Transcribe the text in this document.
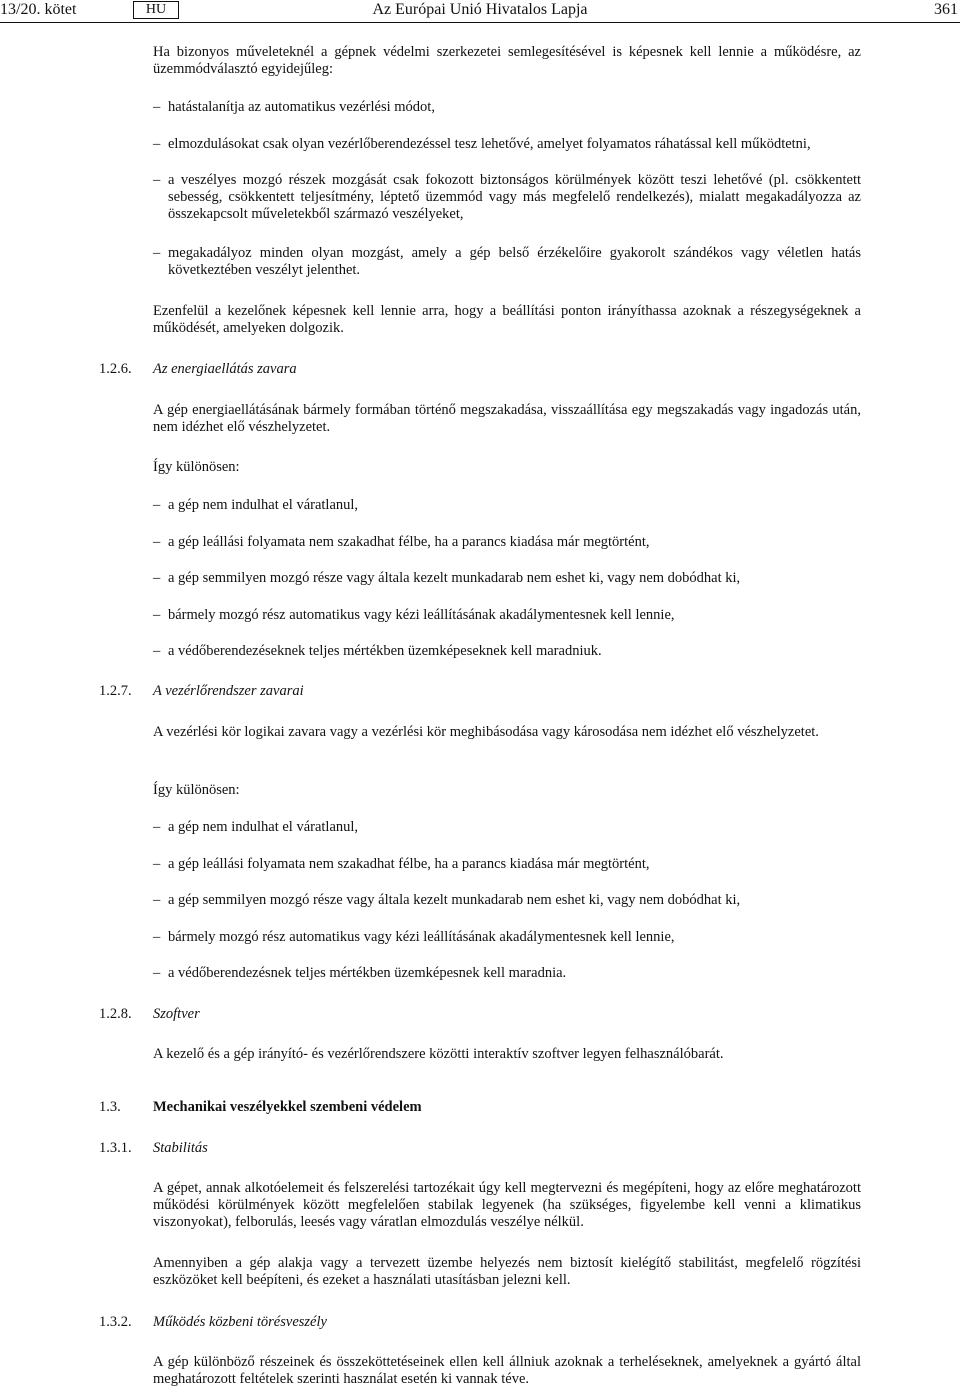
13/20. kötet	HU	Az Európai Unió Hivatalos Lapja	361

Ha bizonyos műveleteknél a gépnek védelmi szerkezetei semlegesítésével is képesnek kell lennie a működésre, az üzemmódválasztó egyidejűleg:

– hatástalanítja az automatikus vezérlési módot,

– elmozdulásokat csak olyan vezérlőberendezéssel tesz lehetővé, amelyet folyamatos ráhatással kell működtetni,

– a veszélyes mozgó részek mozgását csak fokozott biztonságos körülmények között teszi lehetővé (pl. csökkentett sebesség, csökkentett teljesítmény, léptető üzemmód vagy más megfelelő rendelkezés), mialatt megakadályozza az összekapcsolt műveletekből származó veszélyeket,

– megakadályoz minden olyan mozgást, amely a gép belső érzékelőire gyakorolt szándékos vagy véletlen hatás következtében veszélyt jelenthet.

Ezenfelül a kezelőnek képesnek kell lennie arra, hogy a beállítási ponton irányíthassa azoknak a részegységeknek a működését, amelyeken dolgozik.

1.2.6.	Az energiaellátás zavara

A gép energiaellátásának bármely formában történő megszakadása, visszaállítása egy megszakadás vagy ingadozás után, nem idézhet elő vészhelyzetet.

Így különösen:

– a gép nem indulhat el váratlanul,

– a gép leállási folyamata nem szakadhat félbe, ha a parancs kiadása már megtörtént,

– a gép semmilyen mozgó része vagy általa kezelt munkadarab nem eshet ki, vagy nem dobódhat ki,

– bármely mozgó rész automatikus vagy kézi leállításának akadálymentesnek kell lennie,

– a védőberendezéseknek teljes mértékben üzemképeseknek kell maradniuk.

1.2.7.	A vezérlőrendszer zavarai

A vezérlési kör logikai zavara vagy a vezérlési kör meghibásodása vagy károsodása nem idézhet elő vészhelyzetet.

Így különösen:

– a gép nem indulhat el váratlanul,

– a gép leállási folyamata nem szakadhat félbe, ha a parancs kiadása már megtörtént,

– a gép semmilyen mozgó része vagy általa kezelt munkadarab nem eshet ki, vagy nem dobódhat ki,

– bármely mozgó rész automatikus vagy kézi leállításának akadálymentesnek kell lennie,

– a védőberendezésnek teljes mértékben üzemképesnek kell maradnia.

1.2.8.	Szoftver

A kezelő és a gép irányító- és vezérlőrendszere közötti interaktív szoftver legyen felhasználóbarát.

1.3.	Mechanikai veszélyekkel szembeni védelem

1.3.1.	Stabilitás

A gépet, annak alkotóelemeit és felszerelési tartozékait úgy kell megtervezni és megépíteni, hogy az előre meghatározott működési körülmények között megfelelően stabilak legyenek (ha szükséges, figyelembe kell venni a klimatikus viszonyokat), felborulás, leesés vagy váratlan elmozdulás veszélye nélkül.

Amennyiben a gép alakja vagy a tervezett üzembe helyezés nem biztosít kielégítő stabilitást, megfelelő rögzítési eszközöket kell beépíteni, és ezeket a használati utasításban jelezni kell.

1.3.2.	Működés közbeni törésveszély

A gép különböző részeinek és összeköttetéseinek ellen kell állniuk azoknak a terheléseknek, amelyeknek a gyártó által meghatározott feltételek szerinti használat esetén ki vannak téve.
